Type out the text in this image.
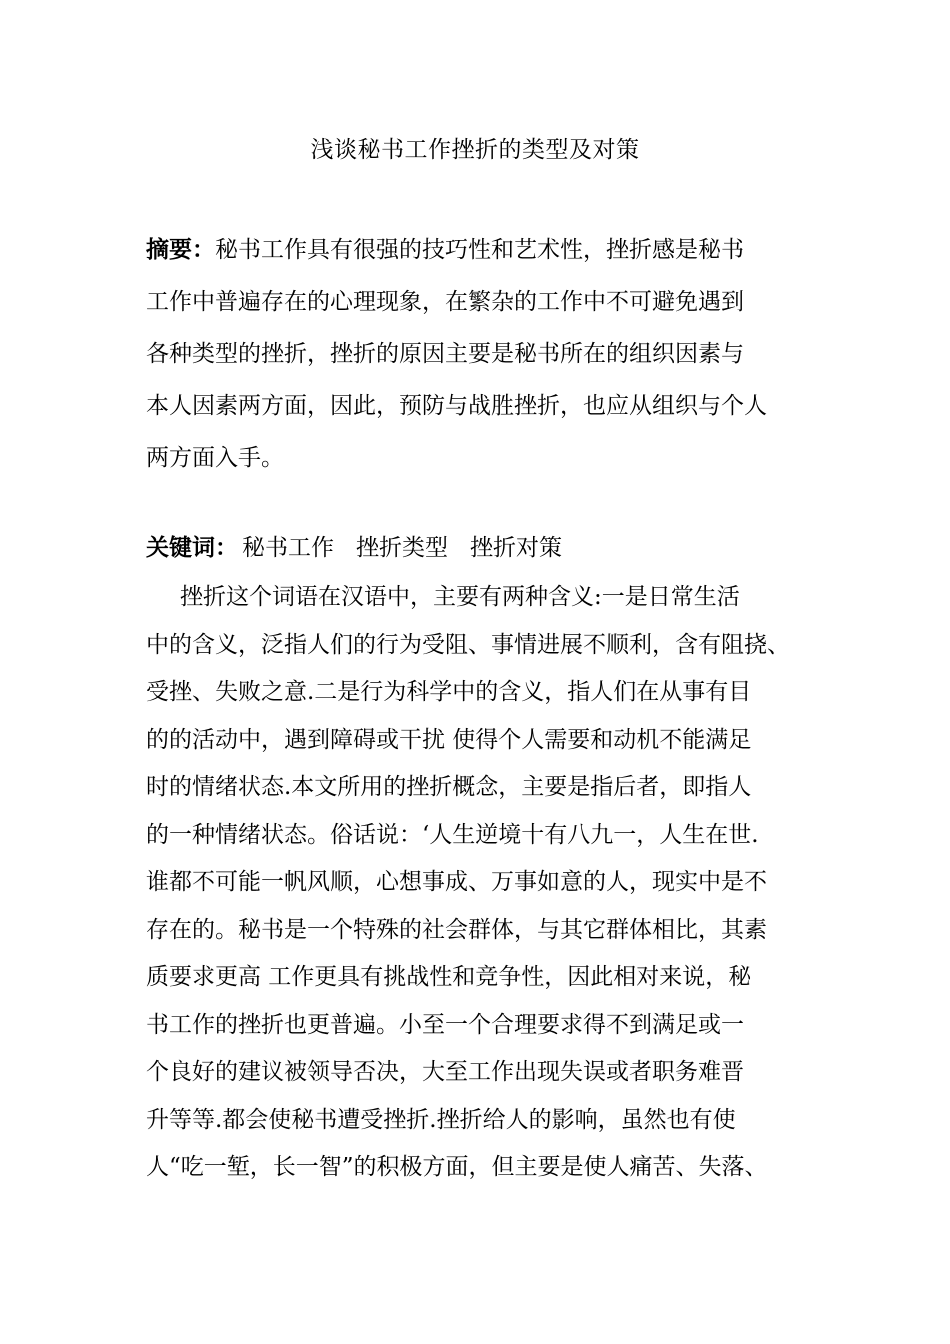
浅谈秘书工作挫折的类型及对策
摘要：秘书工作具有很强的技巧性和艺术性，挫折感是秘书
工作中普遍存在的心理现象，在繁杂的工作中不可避免遇到
各种类型的挫折，挫折的原因主要是秘书所在的组织因素与
本人因素两方面，因此，预防与战胜挫折，也应从组织与个人
两方面入手。
关键词： 秘书工作 挫折类型 挫折对策
挫折这个词语在汉语中，主要有两种含义:一是日常生活
中的含义，泛指人们的行为受阻、事情进展不顺利，含有阻挠、
受挫、失败之意.二是行为科学中的含义，指人们在从事有目
的的活动中，遇到障碍或干扰 使得个人需要和动机不能满足
时的情绪状态.本文所用的挫折概念，主要是指后者，即指人
的一种情绪状态。俗话说：‘人生逆境十有八九一，人生在世.
谁都不可能一帆风顺，心想事成、万事如意的人，现实中是不
存在的。秘书是一个特殊的社会群体，与其它群体相比，其素
质要求更高 工作更具有挑战性和竞争性，因此相对来说，秘
书工作的挫折也更普遍。小至一个合理要求得不到满足或一
个良好的建议被领导否决，大至工作出现失误或者职务难晋
升等等.都会使秘书遭受挫折.挫折给人的影响，虽然也有使
人“吃一堑，长一智”的积极方面，但主要是使人痛苦、失落、
